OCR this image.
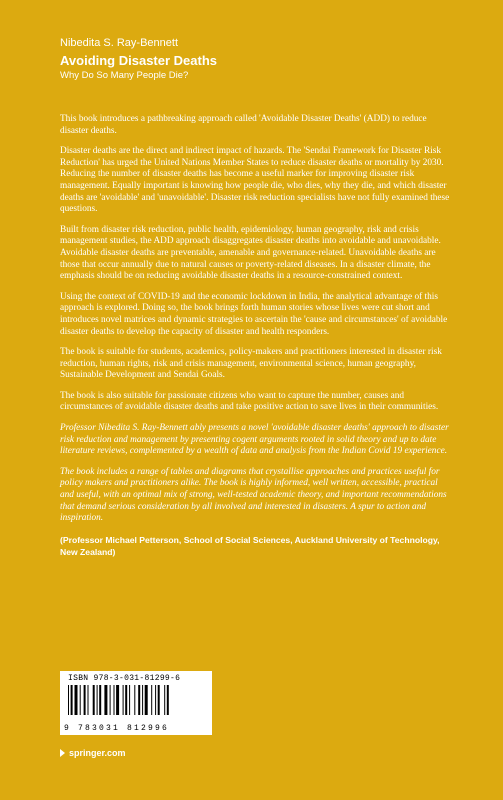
Nibedita S. Ray-Bennett
Avoiding Disaster Deaths
Why Do So Many People Die?

This book introduces a pathbreaking approach called 'Avoidable Disaster Deaths' (ADD) to reduce disaster deaths.

Disaster deaths are the direct and indirect impact of hazards. The 'Sendai Framework for Disaster Risk Reduction' has urged the United Nations Member States to reduce disaster deaths or mortality by 2030. Reducing the number of disaster deaths has become a useful marker for improving disaster risk management. Equally important is knowing how people die, who dies, why they die, and which disaster deaths are 'avoidable' and 'unavoidable'. Disaster risk reduction specialists have not fully examined these questions.

Built from disaster risk reduction, public health, epidemiology, human geography, risk and crisis management studies, the ADD approach disaggregates disaster deaths into avoidable and unavoidable. Avoidable disaster deaths are preventable, amenable and governance-related. Unavoidable deaths are those that occur annually due to natural causes or poverty-related diseases. In a disaster climate, the emphasis should be on reducing avoidable disaster deaths in a resource-constrained context.

Using the context of COVID-19 and the economic lockdown in India, the analytical advantage of this approach is explored. Doing so, the book brings forth human stories whose lives were cut short and introduces novel matrices and dynamic strategies to ascertain the 'cause and circumstances' of avoidable disaster deaths to develop the capacity of disaster and health responders.

The book is suitable for students, academics, policy-makers and practitioners interested in disaster risk reduction, human rights, risk and crisis management, environmental science, human geography, Sustainable Development and Sendai Goals.

The book is also suitable for passionate citizens who want to capture the number, causes and circumstances of avoidable disaster deaths and take positive action to save lives in their communities.

Professor Nibedita S. Ray-Bennett ably presents a novel 'avoidable disaster deaths' approach to disaster risk reduction and management by presenting cogent arguments rooted in solid theory and up to date literature reviews, complemented by a wealth of data and analysis from the Indian Covid 19 experience.

The book includes a range of tables and diagrams that crystallise approaches and practices useful for policy makers and practitioners alike. The book is highly informed, well written, accessible, practical and useful, with an optimal mix of strong, well-tested academic theory, and important recommendations that demand serious consideration by all involved and interested in disasters. A spur to action and inspiration.

(Professor Michael Petterson, School of Social Sciences, Auckland University of Technology, New Zealand)

ISBN 978-3-031-81299-6
9 783031 812996
springer.com
